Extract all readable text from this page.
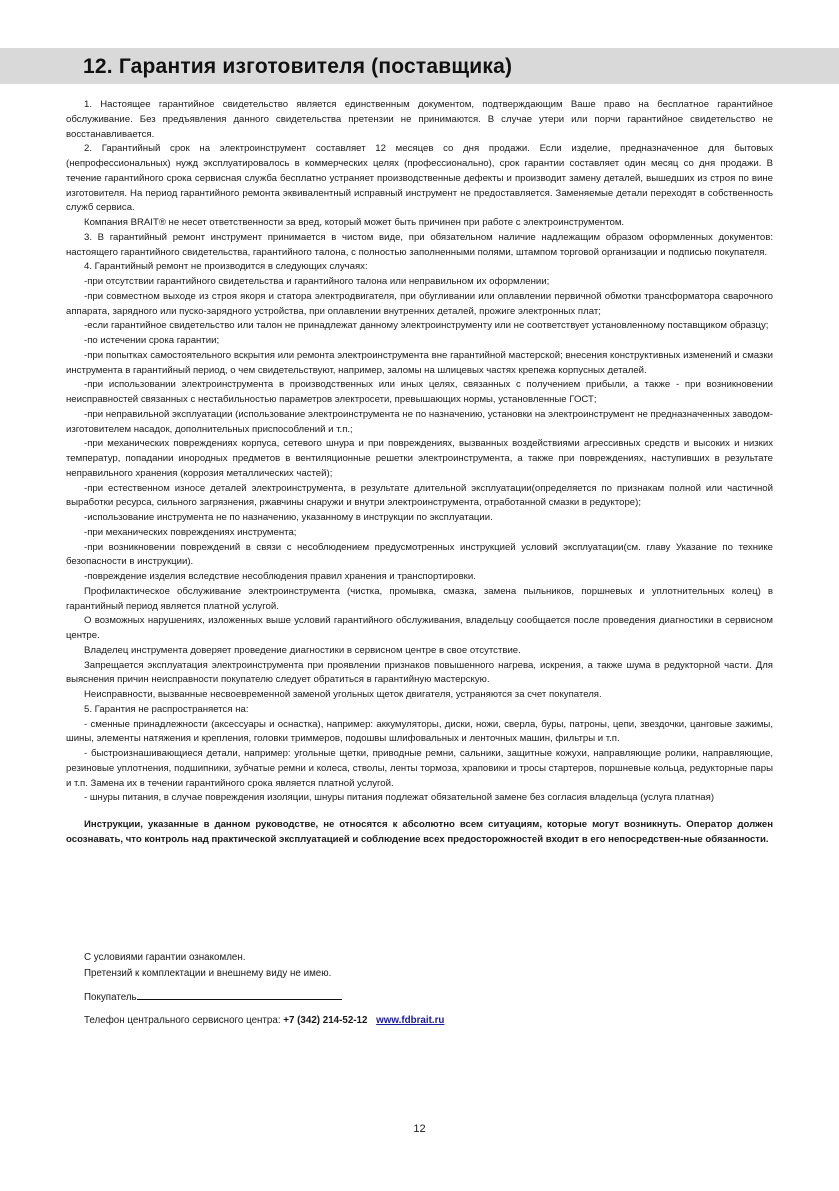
12. Гарантия изготовителя (поставщика)

1. Настоящее гарантийное свидетельство является единственным документом, подтверждающим Ваше право на бесплатное гарантийное обслуживание. Без предъявления данного свидетельства претензии не принимаются. В случае утери или порчи гарантийное свидетельство не восстанавливается.

2. Гарантийный срок на электроинструмент составляет 12 месяцев со дня продажи. Если изделие, предназначенное для бытовых (непрофессиональных) нужд эксплуатировалось в коммерческих целях (профессионально), срок гарантии составляет один месяц со дня продажи. В течение гарантийного срока сервисная служба бесплатно устраняет производственные дефекты и производит замену деталей, вышедших из строя по вине изготовителя. На период гарантийного ремонта эквивалентный исправный инструмент не предоставляется. Заменяемые детали переходят в собственность служб сервиса.

Компания BRAIT® не несет ответственности за вред, который может быть причинен при работе с электроинструментом.

3. В гарантийный ремонт инструмент принимается в чистом виде, при обязательном наличие надлежащим образом оформленных документов: настоящего гарантийного свидетельства, гарантийного талона, с полностью заполненными полями, штампом торговой организации и подписью покупателя.

4. Гарантийный ремонт не производится в следующих случаях:

-при отсутствии гарантийного свидетельства и гарантийного талона или неправильном их оформлении;

-при совместном выходе из строя якоря и статора электродвигателя, при обугливании или оплавлении первичной обмотки трансформатора сварочного аппарата, зарядного или пуско-зарядного устройства, при оплавлении внутренних деталей, прожиге электронных плат;

-если гарантийное свидетельство или талон не принадлежат данному электроинструменту или не соответствует установленному поставщиком образцу;

-по истечении срока гарантии;

-при попытках самостоятельного вскрытия или ремонта электроинструмента вне гарантийной мастерской; внесения конструктивных изменений и смазки инструмента в гарантийный период, о чем свидетельствуют, например, заломы на шлицевых частях крепежа корпусных деталей.

-при использовании электроинструмента в производственных или иных целях, связанных с получением прибыли, а также - при возникновении неисправностей связанных с нестабильностью параметров электросети, превышающих нормы, установленные ГОСТ;

-при неправильной эксплуатации (использование электроинструмента не по назначению, установки на электроинструмент не предназначенных заводом-изготовителем насадок, дополнительных приспособлений и т.п.;

-при механических повреждениях корпуса, сетевого шнура и при повреждениях, вызванных воздействиями агрессивных средств и высоких и низких температур, попадании инородных предметов в вентиляционные решетки электроинструмента, а также при повреждениях, наступивших в результате неправильного хранения (коррозия металлических частей);

-при естественном износе деталей электроинструмента, в результате длительной эксплуатации(определяется по признакам полной или частичной выработки ресурса, сильного загрязнения, ржавчины снаружи и внутри электроинструмента, отработанной смазки в редукторе);

-использование инструмента не по назначению, указанному в инструкции по эксплуатации.

-при механических повреждениях инструмента;

-при возникновении повреждений в связи с несоблюдением предусмотренных инструкцией условий эксплуатации(см. главу Указание по технике безопасности в инструкции).

-повреждение изделия вследствие несоблюдения правил хранения и транспортировки.

Профилактическое обслуживание электроинструмента (чистка, промывка, смазка, замена пыльников, поршневых и уплотнительных колец) в гарантийный период является платной услугой.

О возможных нарушениях, изложенных выше условий гарантийного обслуживания, владельцу сообщается после проведения диагностики в сервисном центре.

Владелец инструмента доверяет проведение диагностики в сервисном центре в свое отсутствие.

Запрещается эксплуатация электроинструмента при проявлении признаков повышенного нагрева, искрения, а также шума в редукторной части. Для выяснения причин неисправности покупателю следует обратиться в гарантийную мастерскую.

Неисправности, вызванные несвоевременной заменой угольных щеток двигателя, устраняются за счет покупателя.

5. Гарантия не распространяется на:

- сменные принадлежности (аксессуары и оснастка), например: аккумуляторы, диски, ножи, сверла, буры, патроны, цепи, звездочки, цанговые зажимы, шины, элементы натяжения и крепления, головки триммеров, подошвы шлифовальных и ленточных машин, фильтры и т.п.

- быстроизнашивающиеся детали, например: угольные щетки, приводные ремни, сальники, защитные кожухи, направляющие ролики, направляющие, резиновые уплотнения, подшипники, зубчатые ремни и колеса, стволы, ленты тормоза, храповики и тросы стартеров, поршневые кольца, редукторные пары и т.п. Замена их в течении гарантийного срока является платной услугой.

- шнуры питания, в случае повреждения изоляции, шнуры питания подлежат обязательной замене без согласия владельца (услуга платная)

Инструкции, указанные в данном руководстве, не относятся к абсолютно всем ситуациям, которые могут возникнуть. Оператор должен осознавать, что контроль над практической эксплуатацией и соблюдение всех предосторожностей входит в его непосредствен-ные обязанности.

С условиями гарантии ознакомлен.
Претензий к комплектации и внешнему виду не имею.
Покупатель
Телефон центрального сервисного центра: +7 (342) 214-52-12 www.fdbrait.ru
12
